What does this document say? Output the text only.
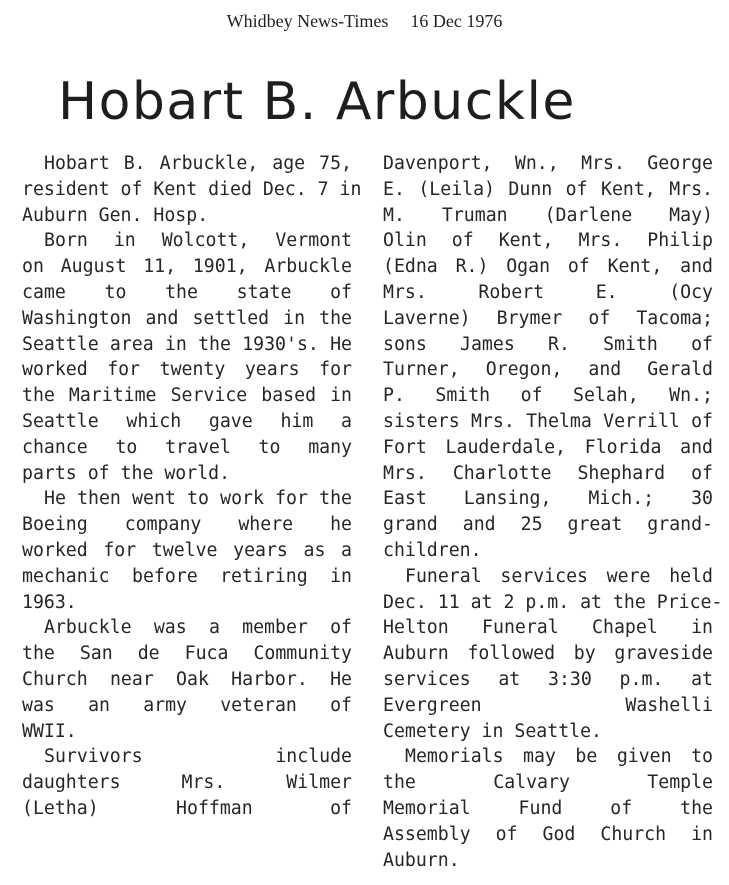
Whidbey News-Times 16 Dec 1976
Hobart B. Arbuckle
Hobart B. Arbuckle, age 75,
resident of Kent died Dec. 7 in
Auburn Gen. Hosp.
Born in Wolcott, Vermont
on August 11, 1901, Arbuckle
came to the state of
Washington and settled in the
Seattle area in the 1930's. He
worked for twenty years for
the Maritime Service based in
Seattle which gave him a
chance to travel to many
parts of the world.
He then went to work for the
Boeing company where he
worked for twelve years as a
mechanic before retiring in
1963.
Arbuckle was a member of
the San de Fuca Community
Church near Oak Harbor. He
was an army veteran of
WWII.
Survivors include
daughters Mrs. Wilmer
(Letha) Hoffman of
Davenport, Wn., Mrs. George
E. (Leila) Dunn of Kent, Mrs.
M. Truman (Darlene May)
Olin of Kent, Mrs. Philip
(Edna R.) Ogan of Kent, and
Mrs. Robert E. (Ocy
Laverne) Brymer of Tacoma;
sons James R. Smith of
Turner, Oregon, and Gerald
P. Smith of Selah, Wn.;
sisters Mrs. Thelma Verrill of
Fort Lauderdale, Florida and
Mrs. Charlotte Shephard of
East Lansing, Mich.; 30
grand and 25 great grand-
children.
Funeral services were held
Dec. 11 at 2 p.m. at the Price-
Helton Funeral Chapel in
Auburn followed by graveside
services at 3:30 p.m. at
Evergreen Washelli
Cemetery in Seattle.
Memorials may be given to
the Calvary Temple
Memorial Fund of the
Assembly of God Church in
Auburn.
